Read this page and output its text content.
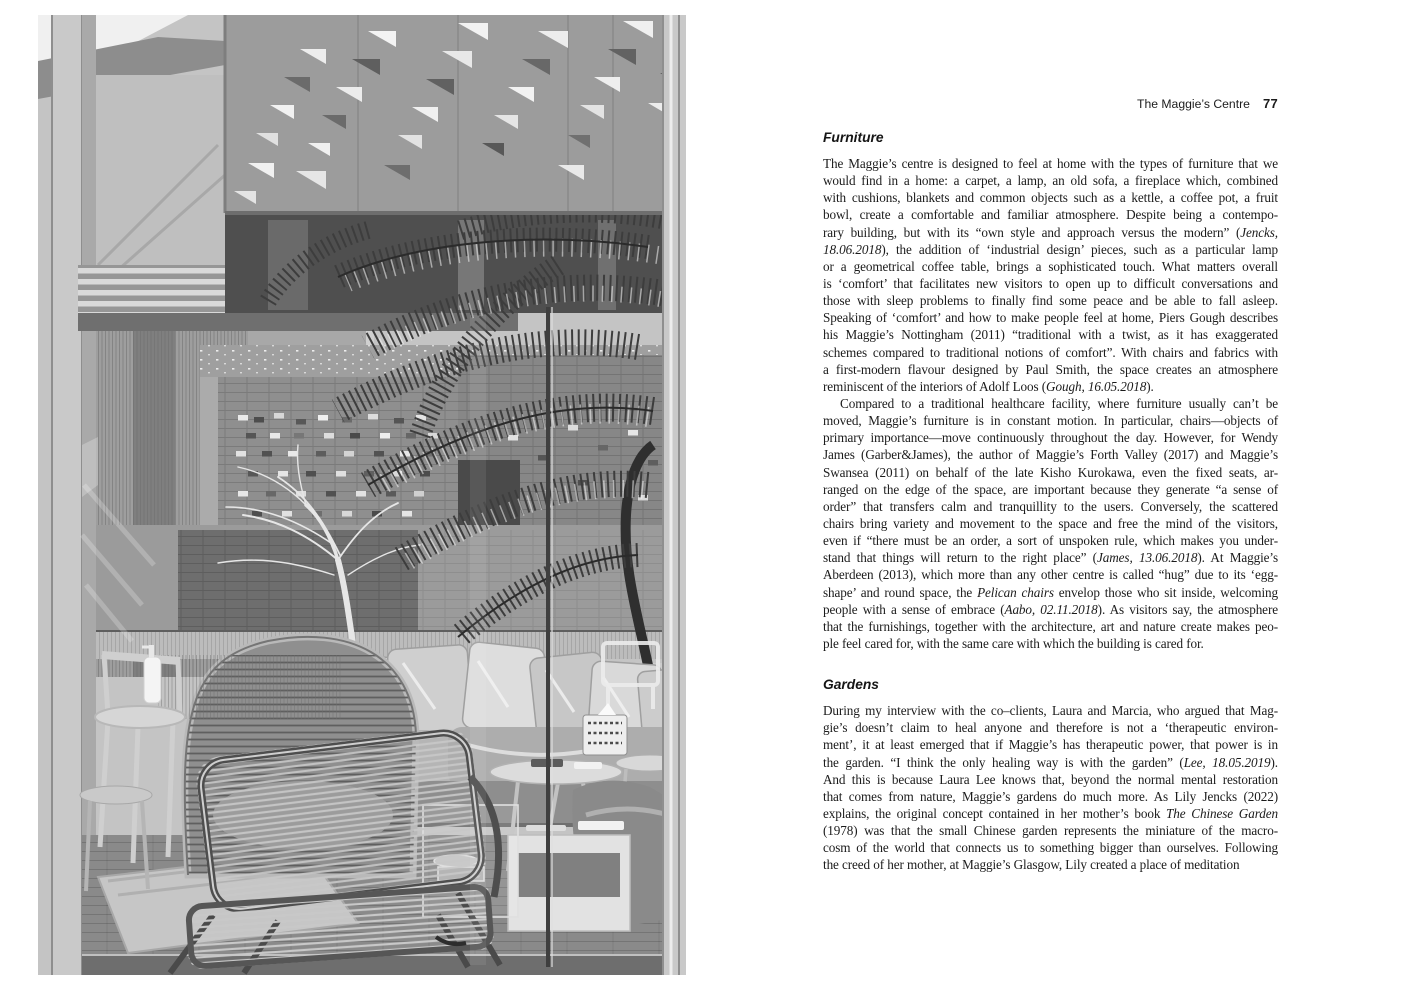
The Maggie’s Centre 77
Furniture
The Maggie’s centre is designed to feel at home with the types of furniture that we
would find in a home: a carpet, a lamp, an old sofa, a fireplace which, combined
with cushions, blankets and common objects such as a kettle, a coffee pot, a fruit
bowl, create a comfortable and familiar atmosphere. Despite being a contempo-
rary building, but with its “own style and approach versus the modern” (Jencks,
18.06.2018), the addition of ‘industrial design’ pieces, such as a particular lamp
or a geometrical coffee table, brings a sophisticated touch. What matters overall
is ‘comfort’ that facilitates new visitors to open up to difficult conversations and
those with sleep problems to finally find some peace and be able to fall asleep.
Speaking of ‘comfort’ and how to make people feel at home, Piers Gough describes
his Maggie’s Nottingham (2011) “traditional with a twist, as it has exaggerated
schemes compared to traditional notions of comfort”. With chairs and fabrics with
a first-modern flavour designed by Paul Smith, the space creates an atmosphere
reminiscent of the interiors of Adolf Loos (Gough, 16.05.2018).
Compared to a traditional healthcare facility, where furniture usually can’t be
moved, Maggie’s furniture is in constant motion. In particular, chairs—objects of
primary importance—move continuously throughout the day. However, for Wendy
James (Garber&James), the author of Maggie’s Forth Valley (2017) and Maggie’s
Swansea (2011) on behalf of the late Kisho Kurokawa, even the fixed seats, ar-
ranged on the edge of the space, are important because they generate “a sense of
order” that transfers calm and tranquillity to the users. Conversely, the scattered
chairs bring variety and movement to the space and free the mind of the visitors,
even if “there must be an order, a sort of unspoken rule, which makes you under-
stand that things will return to the right place” (James, 13.06.2018). At Maggie’s
Aberdeen (2013), which more than any other centre is called “hug” due to its ‘egg-
shape’ and round space, the Pelican chairs envelop those who sit inside, welcoming
people with a sense of embrace (Aabo, 02.11.2018). As visitors say, the atmosphere
that the furnishings, together with the architecture, art and nature create makes peo-
ple feel cared for, with the same care with which the building is cared for.
Gardens
During my interview with the co–clients, Laura and Marcia, who argued that Mag-
gie’s doesn’t claim to heal anyone and therefore is not a ‘therapeutic environ-
ment’, it at least emerged that if Maggie’s has therapeutic power, that power is in
the garden. “I think the only healing way is with the garden” (Lee, 18.05.2019).
And this is because Laura Lee knows that, beyond the normal mental restoration
that comes from nature, Maggie’s gardens do much more. As Lily Jencks (2022)
explains, the original concept contained in her mother’s book The Chinese Garden
(1978) was that the small Chinese garden represents the miniature of the macro-
cosm of the world that connects us to something bigger than ourselves. Following
the creed of her mother, at Maggie’s Glasgow, Lily created a place of meditation
